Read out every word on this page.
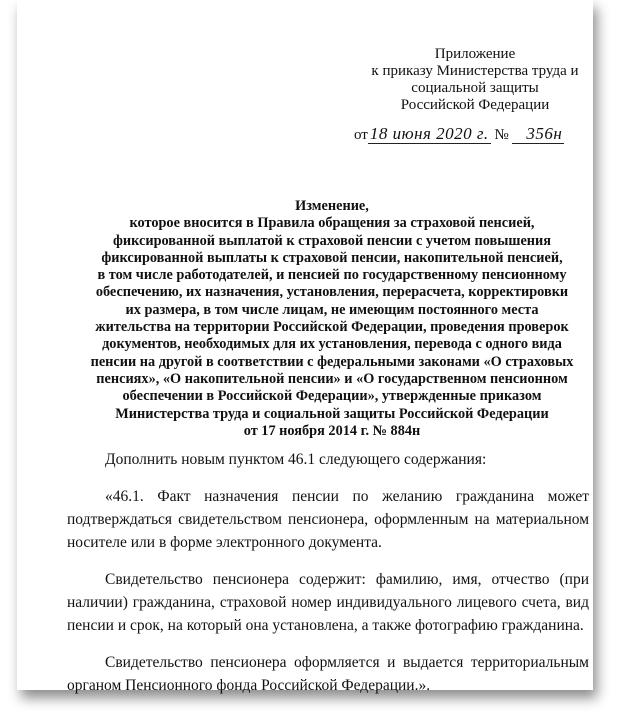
Приложение
к приказу Министерства труда и
социальной защиты
Российской Федерации
от 18 июня 2020 г. № 356н
Изменение,
которое вносится в Правила обращения за страховой пенсией,
фиксированной выплатой к страховой пенсии с учетом повышения
фиксированной выплаты к страховой пенсии, накопительной пенсией,
в том числе работодателей, и пенсией по государственному пенсионному
обеспечению, их назначения, установления, перерасчета, корректировки
их размера, в том числе лицам, не имеющим постоянного места
жительства на территории Российской Федерации, проведения проверок
документов, необходимых для их установления, перевода с одного вида
пенсии на другой в соответствии с федеральными законами «О страховых
пенсиях», «О накопительной пенсии» и «О государственном пенсионном
обеспечении в Российской Федерации», утвержденные приказом
Министерства труда и социальной защиты Российской Федерации
от 17 ноября 2014 г. № 884н
Дополнить новым пунктом 46.1 следующего содержания:
«46.1. Факт назначения пенсии по желанию гражданина может
подтверждаться свидетельством пенсионера, оформленным на материальном
носителе или в форме электронного документа.
Свидетельство пенсионера содержит: фамилию, имя, отчество (при
наличии) гражданина, страховой номер индивидуального лицевого счета, вид
пенсии и срок, на который она установлена, а также фотографию гражданина.
Свидетельство пенсионера оформляется и выдается территориальным
органом Пенсионного фонда Российской Федерации.».
